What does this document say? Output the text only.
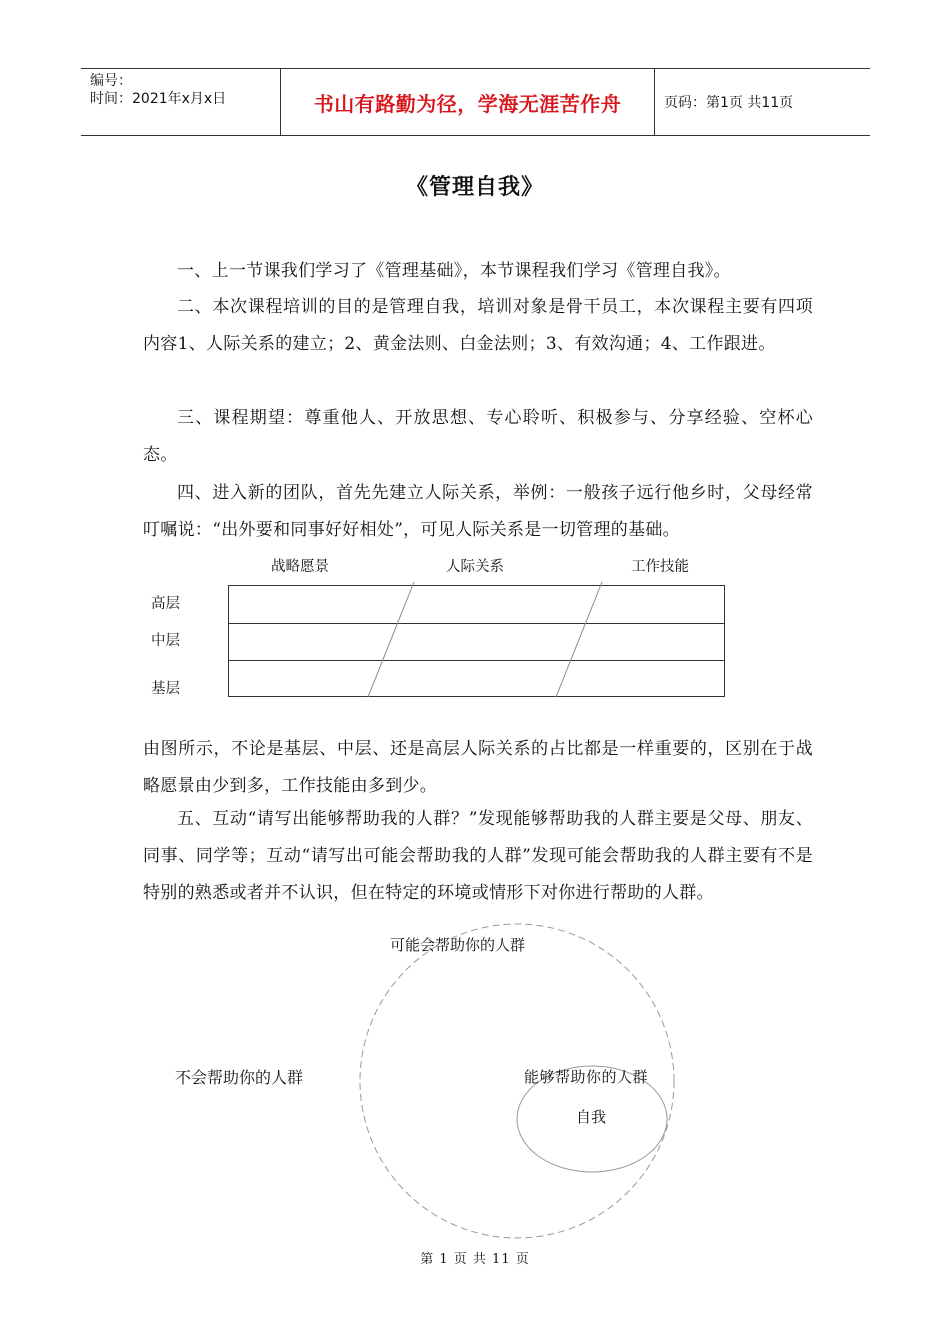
编号：
时间：2021年x月x日	书山有路勤为径，学海无涯苦作舟	页码：第1页 共11页
《管理自我》

一、上一节课我们学习了《管理基础》，本节课程我们学习《管理自我》。

二、本次课程培训的目的是管理自我，培训对象是骨干员工，本次课程主要有四项内容1、人际关系的建立；2、黄金法则、白金法则；3、有效沟通；4、工作跟进。

三、课程期望：尊重他人、开放思想、专心聆听、积极参与、分享经验、空杯心态。

四、进入新的团队，首先先建立人际关系，举例：一般孩子远行他乡时，父母经常叮嘱说：“出外要和同事好好相处”，可见人际关系是一切管理的基础。

战略愿景	人际关系	工作技能
高层
中层
基层

由图所示，不论是基层、中层、还是高层人际关系的占比都是一样重要的，区别在于战略愿景由少到多，工作技能由多到少。

五、互动“请写出能够帮助我的人群？”发现能够帮助我的人群主要是父母、朋友、同事、同学等；互动“请写出可能会帮助我的人群”发现可能会帮助我的人群主要有不是特别的熟悉或者并不认识，但在特定的环境或情形下对你进行帮助的人群。

可能会帮助你的人群
不会帮助你的人群	能够帮助你的人群
自我
第 1 页 共 11 页
